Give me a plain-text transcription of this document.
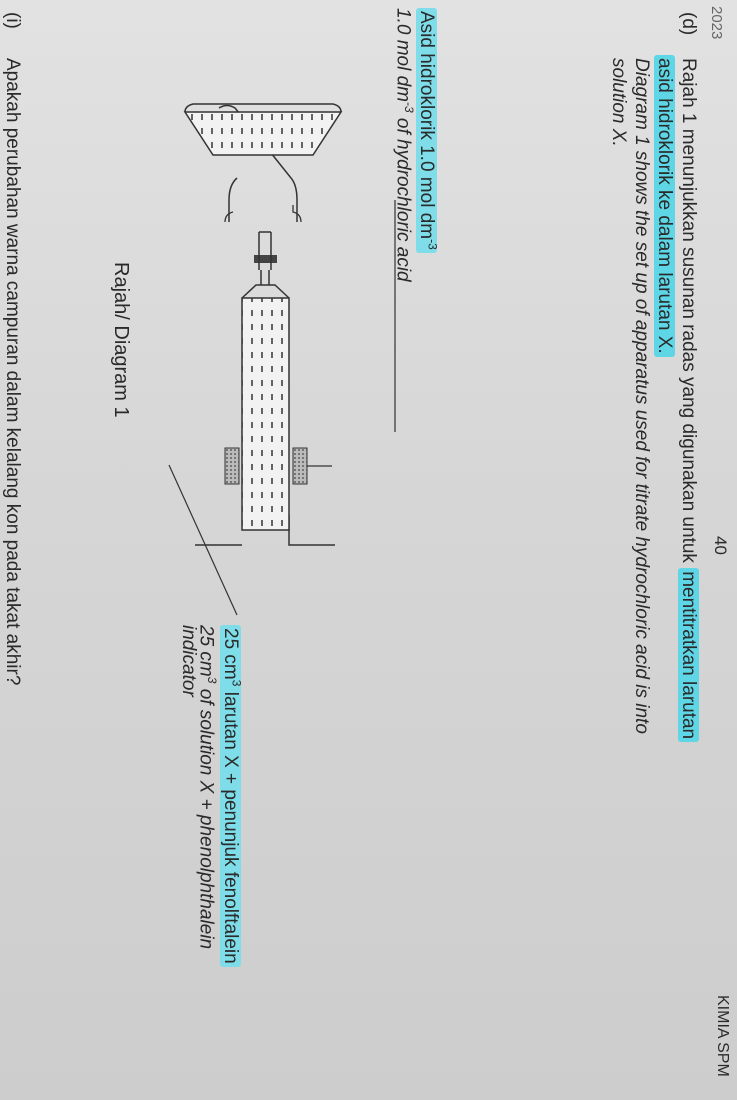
2023
40
KIMIA SPM
(d)
Rajah 1 menunjukkan susunan radas yang digunakan untuk mentitratkan larutan
asid hidroklorik ke dalam larutan X.
Diagram 1 shows the set up of apparatus used for titrate hydrochloric acid is into
solution X.
Asid hidroklorik 1.0 mol $dm^{-3}$
1.0 mol $dm^{-3}$ of hydrochloric acid
25 $cm^3$ larutan X + penunjuk fenolftalein
25 $cm^3$ of solution X + phenolphthalein
indicator
Rajah/ Diagram 1
(i)
Apakah perubahan warna campuran dalam kelalang kon pada takat akhir?
